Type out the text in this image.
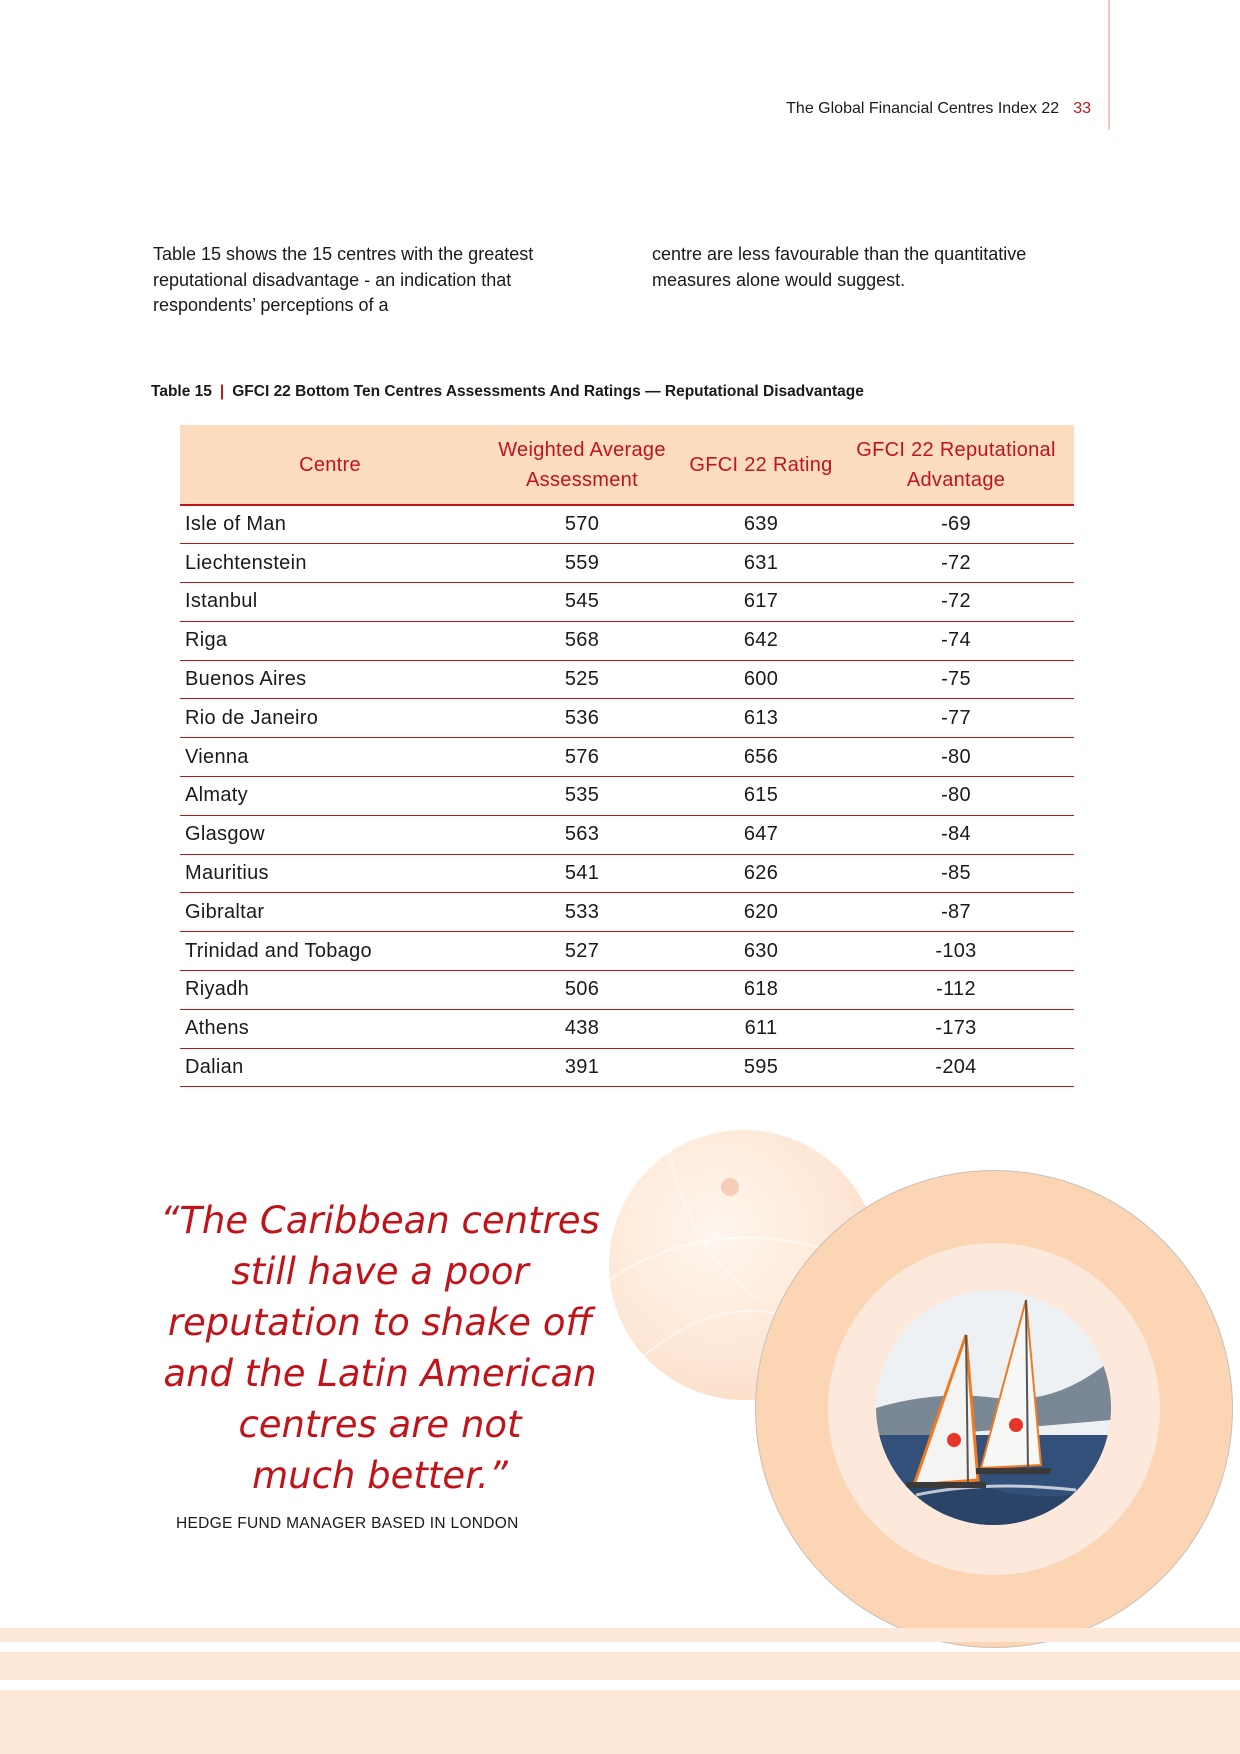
The Global Financial Centres Index 22 33

Table 15 shows the 15 centres with the greatest reputational disadvantage - an indication that respondents’ perceptions of a

centre are less favourable than the quantitative measures alone would suggest.

Table 15 | GFCI 22 Bottom Ten Centres Assessments And Ratings — Reputational Disadvantage
Centre	Weighted Average Assessment	GFCI 22 Rating	GFCI 22 Reputational Advantage
Isle of Man	570	639	-69
Liechtenstein	559	631	-72
Istanbul	545	617	-72
Riga	568	642	-74
Buenos Aires	525	600	-75
Rio de Janeiro	536	613	-77
Vienna	576	656	-80
Almaty	535	615	-80
Glasgow	563	647	-84
Mauritius	541	626	-85
Gibraltar	533	620	-87
Trinidad and Tobago	527	630	-103
Riyadh	506	618	-112
Athens	438	611	-173
Dalian	391	595	-204
“The Caribbean centres
still have a poor
reputation to shake off
and the Latin American
centres are not
much better.”
HEDGE FUND MANAGER BASED IN LONDON
